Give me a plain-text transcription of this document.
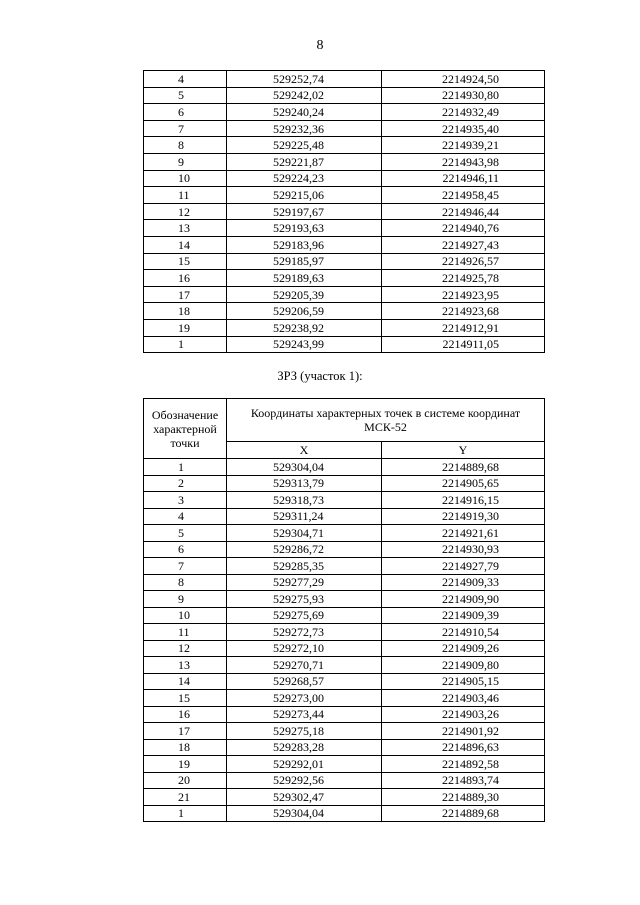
8
4	529252,74	2214924,50
5	529242,02	2214930,80
6	529240,24	2214932,49
7	529232,36	2214935,40
8	529225,48	2214939,21
9	529221,87	2214943,98
10	529224,23	2214946,11
11	529215,06	2214958,45
12	529197,67	2214946,44
13	529193,63	2214940,76
14	529183,96	2214927,43
15	529185,97	2214926,57
16	529189,63	2214925,78
17	529205,39	2214923,95
18	529206,59	2214923,68
19	529238,92	2214912,91
1	529243,99	2214911,05
ЗРЗ (участок 1):
Обозначение характерной точки	Координаты характерных точек в системе координат МСК-52	
	X	Y
1	529304,04	2214889,68
2	529313,79	2214905,65
3	529318,73	2214916,15
4	529311,24	2214919,30
5	529304,71	2214921,61
6	529286,72	2214930,93
7	529285,35	2214927,79
8	529277,29	2214909,33
9	529275,93	2214909,90
10	529275,69	2214909,39
11	529272,73	2214910,54
12	529272,10	2214909,26
13	529270,71	2214909,80
14	529268,57	2214905,15
15	529273,00	2214903,46
16	529273,44	2214903,26
17	529275,18	2214901,92
18	529283,28	2214896,63
19	529292,01	2214892,58
20	529292,56	2214893,74
21	529302,47	2214889,30
1	529304,04	2214889,68
